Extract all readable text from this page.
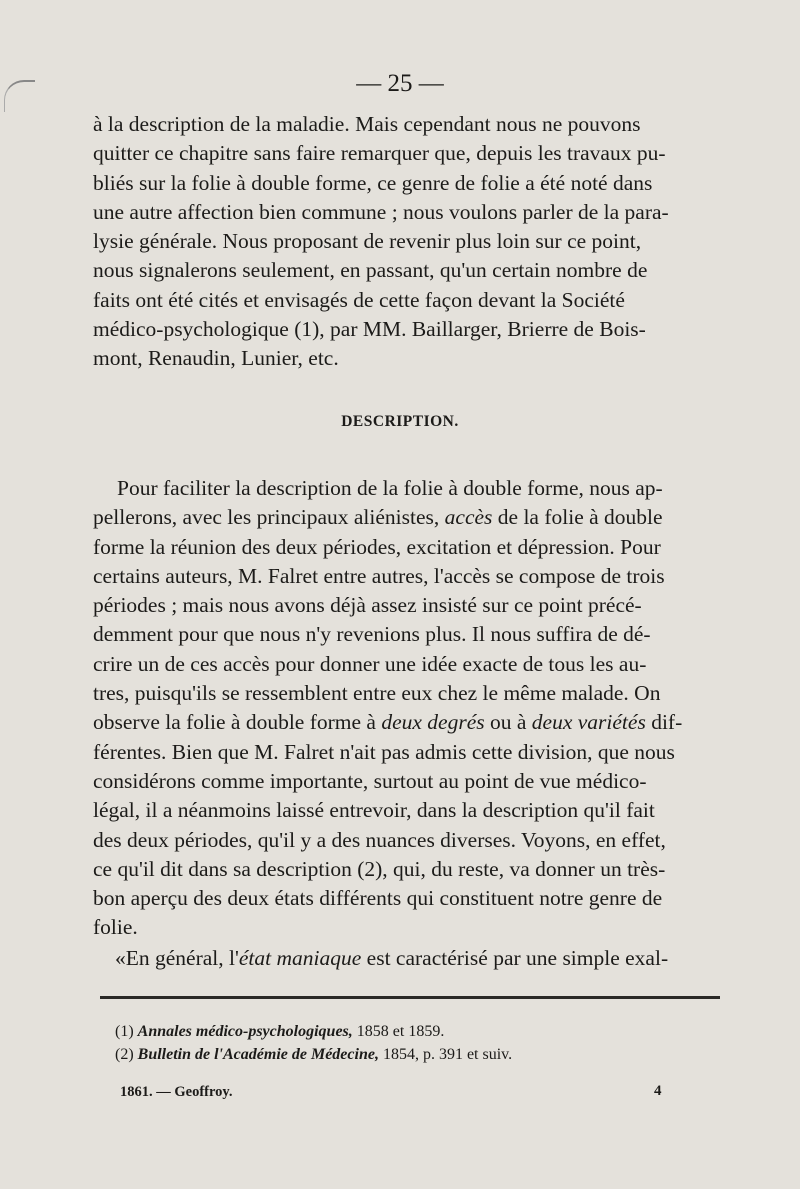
— 25 —

à la description de la maladie. Mais cependant nous ne pouvons

quitter ce chapitre sans faire remarquer que, depuis les travaux pu-

bliés sur la folie à double forme, ce genre de folie a été noté dans

une autre affection bien commune ; nous voulons parler de la para-

lysie générale. Nous proposant de revenir plus loin sur ce point,

nous signalerons seulement, en passant, qu'un certain nombre de

faits ont été cités et envisagés de cette façon devant la Société

médico-psychologique (1), par MM. Baillarger, Brierre de Bois-

mont, Renaudin, Lunier, etc.

DESCRIPTION.

Pour faciliter la description de la folie à double forme, nous ap-

pellerons, avec les principaux aliénistes, accès de la folie à double

forme la réunion des deux périodes, excitation et dépression. Pour

certains auteurs, M. Falret entre autres, l'accès se compose de trois

périodes ; mais nous avons déjà assez insisté sur ce point précé-

demment pour que nous n'y revenions plus. Il nous suffira de dé-

crire un de ces accès pour donner une idée exacte de tous les au-

tres, puisqu'ils se ressemblent entre eux chez le même malade. On

observe la folie à double forme à deux degrés ou à deux variétés dif-

férentes. Bien que M. Falret n'ait pas admis cette division, que nous

considérons comme importante, surtout au point de vue médico-

légal, il a néanmoins laissé entrevoir, dans la description qu'il fait

des deux périodes, qu'il y a des nuances diverses. Voyons, en effet,

ce qu'il dit dans sa description (2), qui, du reste, va donner un très-

bon aperçu des deux états différents qui constituent notre genre de

folie.

«En général, l'état maniaque est caractérisé par une simple exal-

(1) Annales médico-psychologiques, 1858 et 1859.
(2) Bulletin de l'Académie de Médecine, 1854, p. 391 et suiv.
1861. — Geoffroy.	4
